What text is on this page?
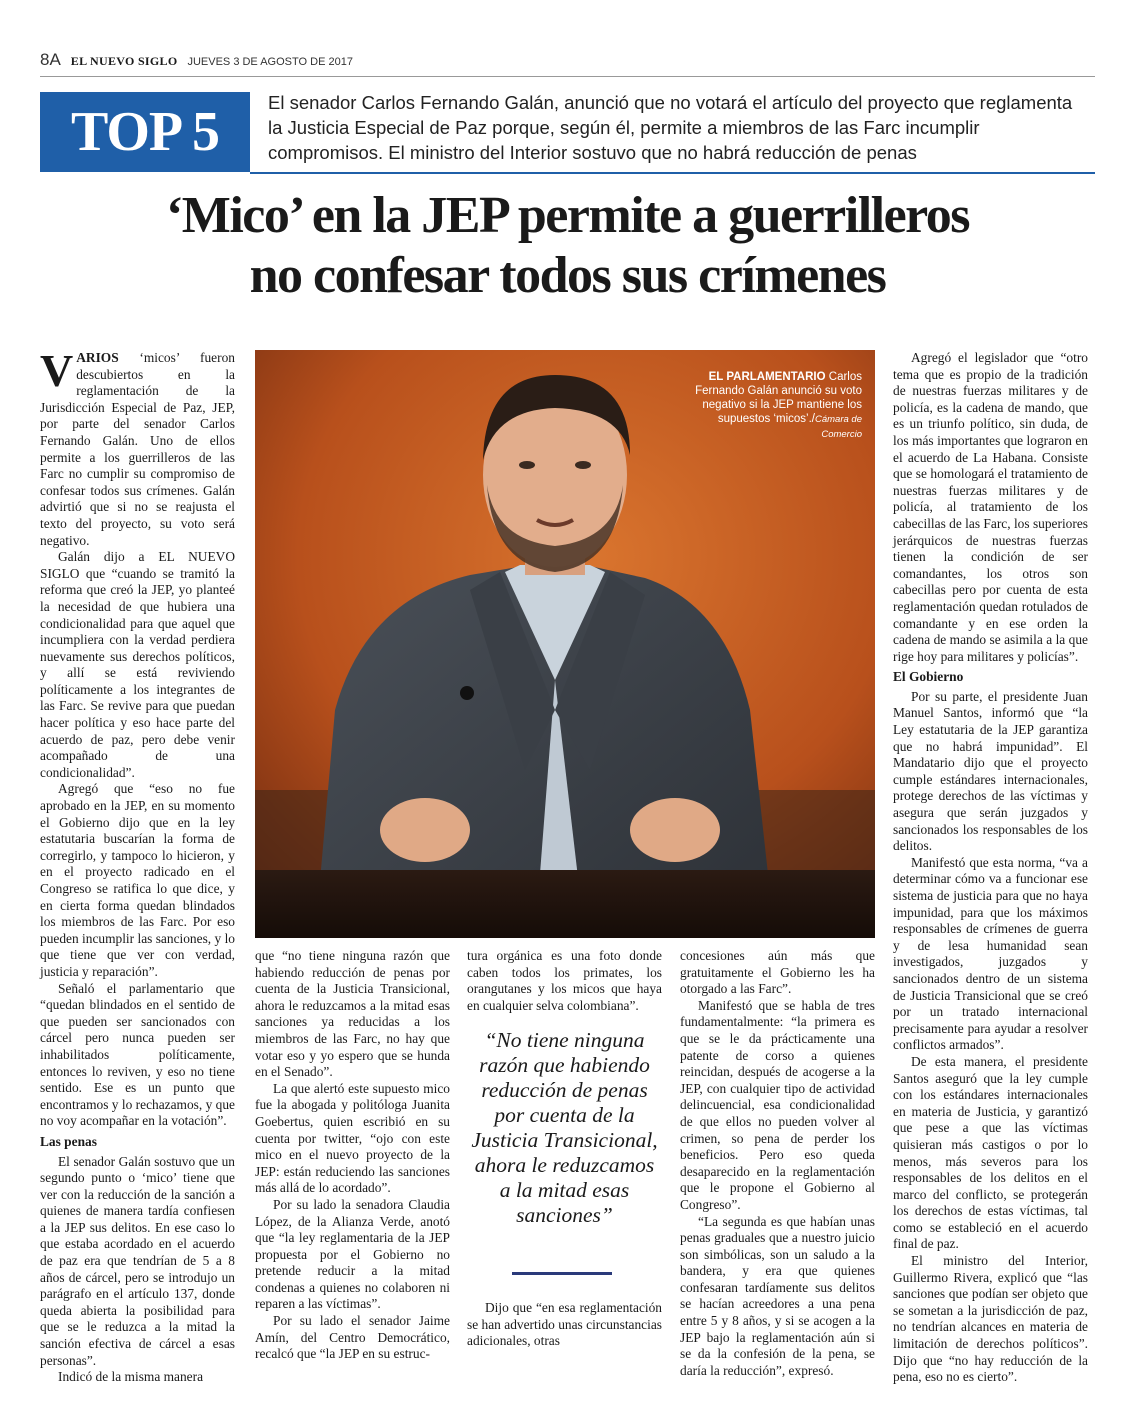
8A EL NUEVO SIGLO JUEVES 3 DE AGOSTO DE 2017
TOP 5	El senador Carlos Fernando Galán, anunció que no votará el artículo del proyecto que reglamenta la Justicia Especial de Paz porque, según él, permite a miembros de las Farc incumplir compromisos. El ministro del Interior sostuvo que no habrá reducción de penas
‘Mico’ en la JEP permite a guerrilleros
no confesar todos sus crímenes

VARIOS ‘micos’ fueron descubiertos en la reglamentación de la Jurisdicción Especial de Paz, JEP, por parte del senador Carlos Fernando Galán. Uno de ellos permite a los guerrilleros de las Farc no cumplir su compromiso de confesar todos sus crímenes. Galán advirtió que si no se reajusta el texto del proyecto, su voto será negativo.

Galán dijo a EL NUEVO SIGLO que “cuando se tramitó la reforma que creó la JEP, yo planteé la necesidad de que hubiera una condicionalidad para que aquel que incumpliera con la verdad perdiera nuevamente sus derechos políticos, y allí se está reviviendo políticamente a los integrantes de las Farc. Se revive para que puedan hacer política y eso hace parte del acuerdo de paz, pero debe venir acompañado de una condicionalidad”.

Agregó que “eso no fue aprobado en la JEP, en su momento el Gobierno dijo que en la ley estatutaria buscarían la forma de corregirlo, y tampoco lo hicieron, y en el proyecto radicado en el Congreso se ratifica lo que dice, y en cierta forma quedan blindados los miembros de las Farc. Por eso pueden incumplir las sanciones, y lo que tiene que ver con verdad, justicia y reparación”.

Señaló el parlamentario que “quedan blindados en el sentido de que pueden ser sancionados con cárcel pero nunca pueden ser inhabilitados políticamente, entonces lo reviven, y eso no tiene sentido. Ese es un punto que encontramos y lo rechazamos, y que no voy acompañar en la votación”.

Las penas

El senador Galán sostuvo que un segundo punto o ‘mico’ tiene que ver con la reducción de la sanción a quienes de manera tardía confiesen a la JEP sus delitos. En ese caso lo que estaba acordado en el acuerdo de paz era que tendrían de 5 a 8 años de cárcel, pero se introdujo un parágrafo en el artículo 137, donde queda abierta la posibilidad para que se le reduzca a la mitad la sanción efectiva de cárcel a esas personas”.

Indicó de la misma manera

EL PARLAMENTARIO Carlos Fernando Galán anunció su voto negativo si la JEP mantiene los supuestos ‘micos’./Cámara de Comercio

que “no tiene ninguna razón que habiendo reducción de penas por cuenta de la Justicia Transicional, ahora le reduzcamos a la mitad esas sanciones ya reducidas a los miembros de las Farc, no hay que votar eso y yo espero que se hunda en el Senado”.

La que alertó este supuesto mico fue la abogada y politóloga Juanita Goebertus, quien escribió en su cuenta por twitter, “ojo con este mico en el nuevo proyecto de la JEP: están reduciendo las sanciones más allá de lo acordado”.

Por su lado la senadora Claudia López, de la Alianza Verde, anotó que “la ley reglamentaria de la JEP propuesta por el Gobierno no pretende reducir a la mitad condenas a quienes no colaboren ni reparen a las víctimas”.

Por su lado el senador Jaime Amín, del Centro Democrático, recalcó que “la JEP en su estruc-

tura orgánica es una foto donde caben todos los primates, los orangutanes y los micos que haya en cualquier selva colombiana”.

“No tiene ninguna razón que habiendo reducción de penas por cuenta de la Justicia Transicional, ahora le reduzcamos a la mitad esas sanciones”

Dijo que “en esa reglamentación se han advertido unas circunstancias adicionales, otras

concesiones aún más que gratuitamente el Gobierno les ha otorgado a las Farc”.

Manifestó que se habla de tres fundamentalmente: “la primera es que se le da prácticamente una patente de corso a quienes reincidan, después de acogerse a la JEP, con cualquier tipo de actividad delincuencial, esa condicionalidad de que ellos no pueden volver al crimen, so pena de perder los beneficios. Pero eso queda desaparecido en la reglamentación que le propone el Gobierno al Congreso”.

“La segunda es que habían unas penas graduales que a nuestro juicio son simbólicas, son un saludo a la bandera, y era que quienes confesaran tardíamente sus delitos se hacían acreedores a una pena entre 5 y 8 años, y si se acogen a la JEP bajo la reglamentación aún si se da la confesión de la pena, se daría la reducción”, expresó.

Agregó el legislador que “otro tema que es propio de la tradición de nuestras fuerzas militares y de policía, es la cadena de mando, que es un triunfo político, sin duda, de los más importantes que lograron en el acuerdo de La Habana. Consiste que se homologará el tratamiento de nuestras fuerzas militares y de policía, al tratamiento de los cabecillas de las Farc, los superiores jerárquicos de nuestras fuerzas tienen la condición de ser comandantes, los otros son cabecillas pero por cuenta de esta reglamentación quedan rotulados de comandante y en ese orden la cadena de mando se asimila a la que rige hoy para militares y policías”.

El Gobierno

Por su parte, el presidente Juan Manuel Santos, informó que “la Ley estatutaria de la JEP garantiza que no habrá impunidad”. El Mandatario dijo que el proyecto cumple estándares internacionales, protege derechos de las víctimas y asegura que serán juzgados y sancionados los responsables de los delitos.

Manifestó que esta norma, “va a determinar cómo va a funcionar ese sistema de justicia para que no haya impunidad, para que los máximos responsables de crímenes de guerra y de lesa humanidad sean investigados, juzgados y sancionados dentro de un sistema de Justicia Transicional que se creó por un tratado internacional precisamente para ayudar a resolver conflictos armados”.

De esta manera, el presidente Santos aseguró que la ley cumple con los estándares internacionales en materia de Justicia, y garantizó que pese a que las víctimas quisieran más castigos o por lo menos, más severos para los responsables de los delitos en el marco del conflicto, se protegerán los derechos de estas víctimas, tal como se estableció en el acuerdo final de paz.

El ministro del Interior, Guillermo Rivera, explicó que “las sanciones que podían ser objeto que se sometan a la jurisdicción de paz, no tendrían alcances en materia de limitación de derechos políticos”. Dijo que “no hay reducción de la pena, eso no es cierto”.
